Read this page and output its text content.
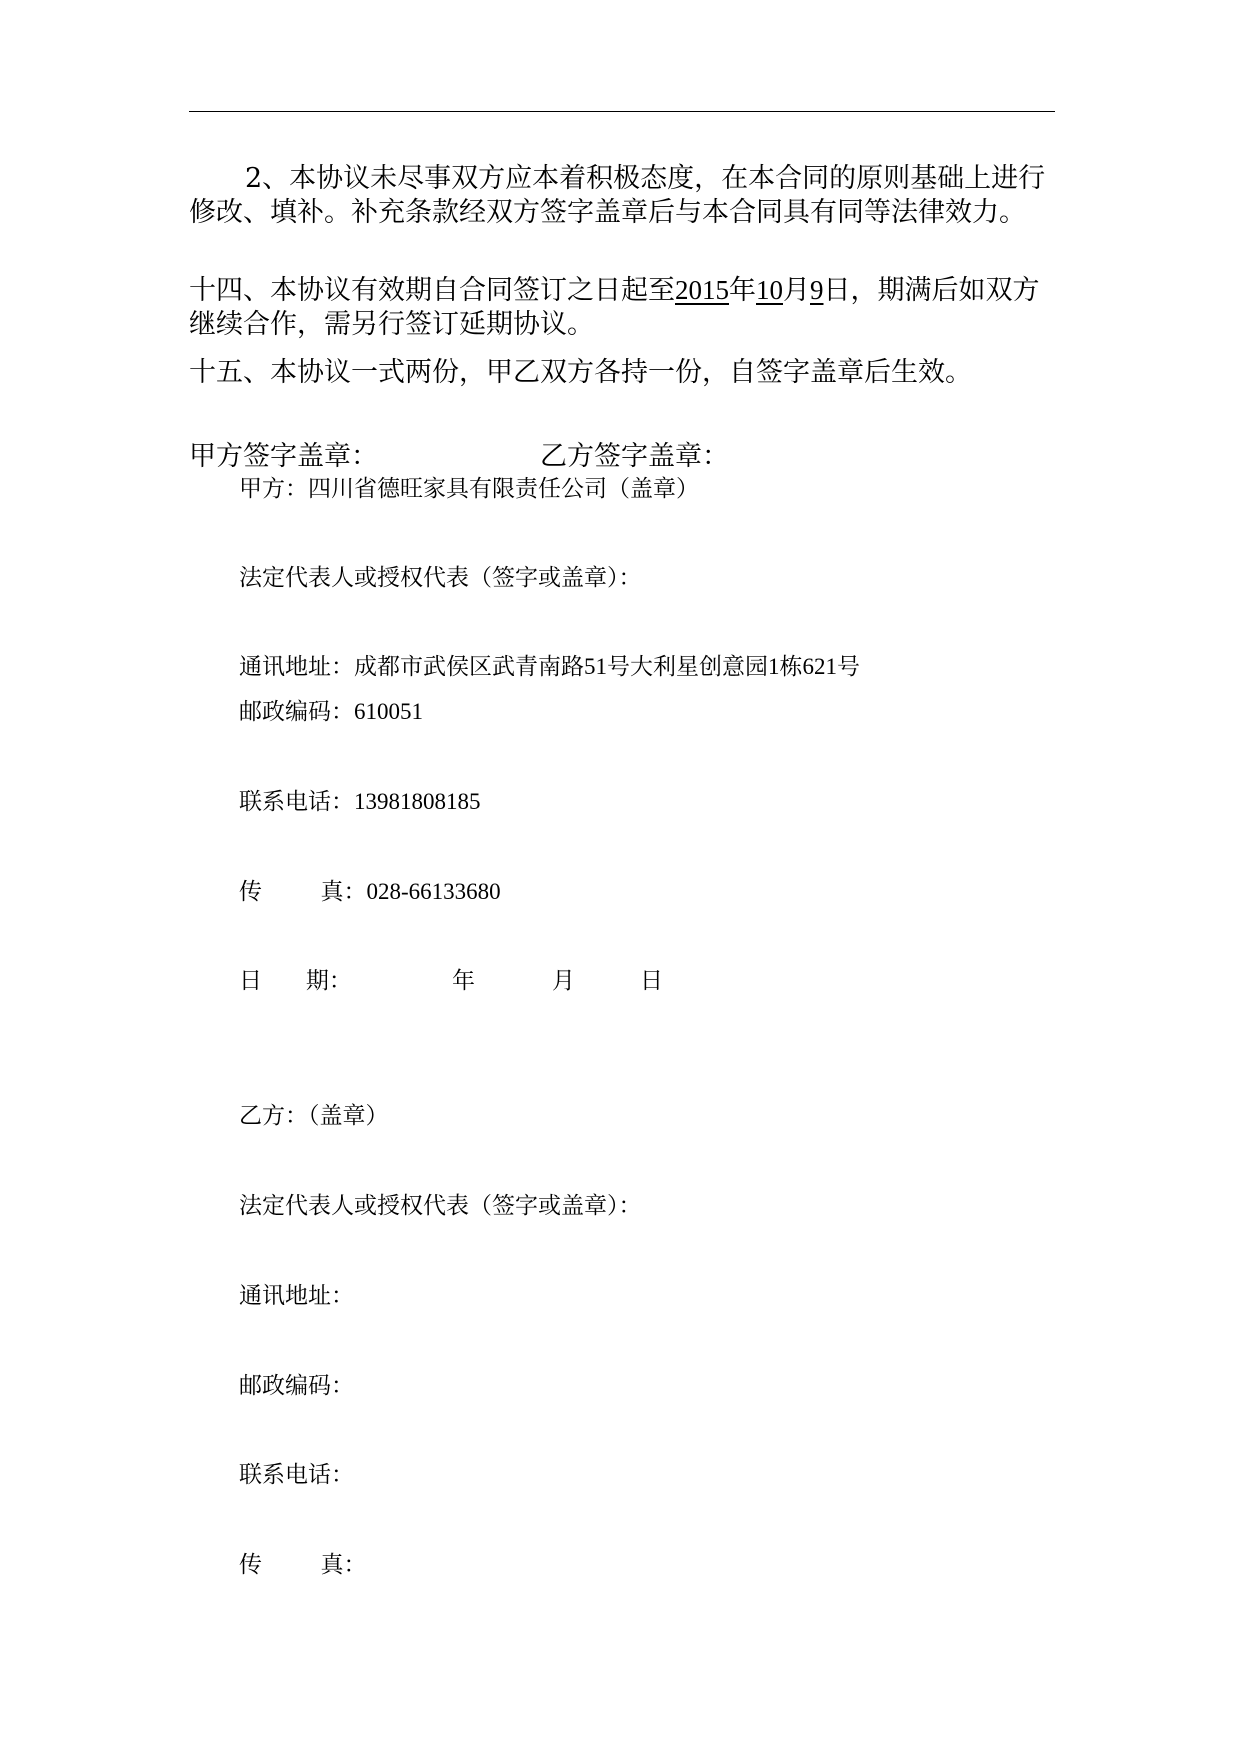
2、本协议未尽事双方应本着积极态度，在本合同的原则基础上进行修改、填补。补充条款经双方签字盖章后与本合同具有同等法律效力。

十四、本协议有效期自合同签订之日起至2015年10月9日，期满后如双方继续合作，需另行签订延期协议。

十五、本协议一式两份，甲乙双方各持一份，自签字盖章后生效。

甲方签字盖章：	乙方签字盖章：
甲方：四川省德旺家具有限责任公司（盖章）
法定代表人或授权代表（签字或盖章）：
通讯地址：成都市武侯区武青南路51号大利星创意园1栋621号
邮政编码：610051
联系电话：13981808185
传        真：028-66133680
日      期：	年	月	日
乙方：（盖章）
法定代表人或授权代表（签字或盖章）：
通讯地址：
邮政编码：
联系电话：
传        真：
